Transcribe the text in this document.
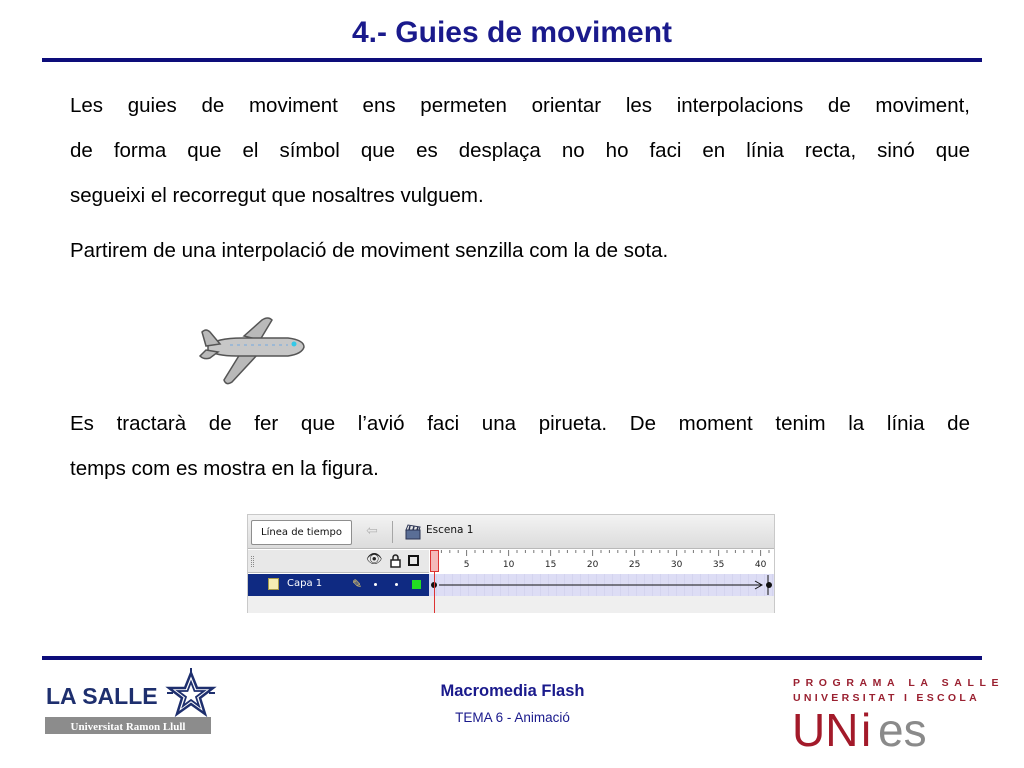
4.- Guies de moviment
Les guies de moviment ens permeten orientar les interpolacions de moviment,
de forma que el símbol que es desplaça no ho faci en línia recta, sinó que
segueixi el recorregut que nosaltres vulguem.
Partirem de una interpolació de moviment senzilla com la de sota.
Es tractarà de fer que l’avió faci una pirueta. De moment tenim la línia de
temps com es mostra en la figura.
Línea de tiempo	⇦	Escena 1
👁	5	10	15	20	25	30	35	40
Capa 1 ✎
LA SALLE
Universitat Ramon Llull
Macromedia Flash
TEMA 6 - Animació
PROGRAMA LA SALLE
UNIVERSITAT I ESCOLA
UN i es
